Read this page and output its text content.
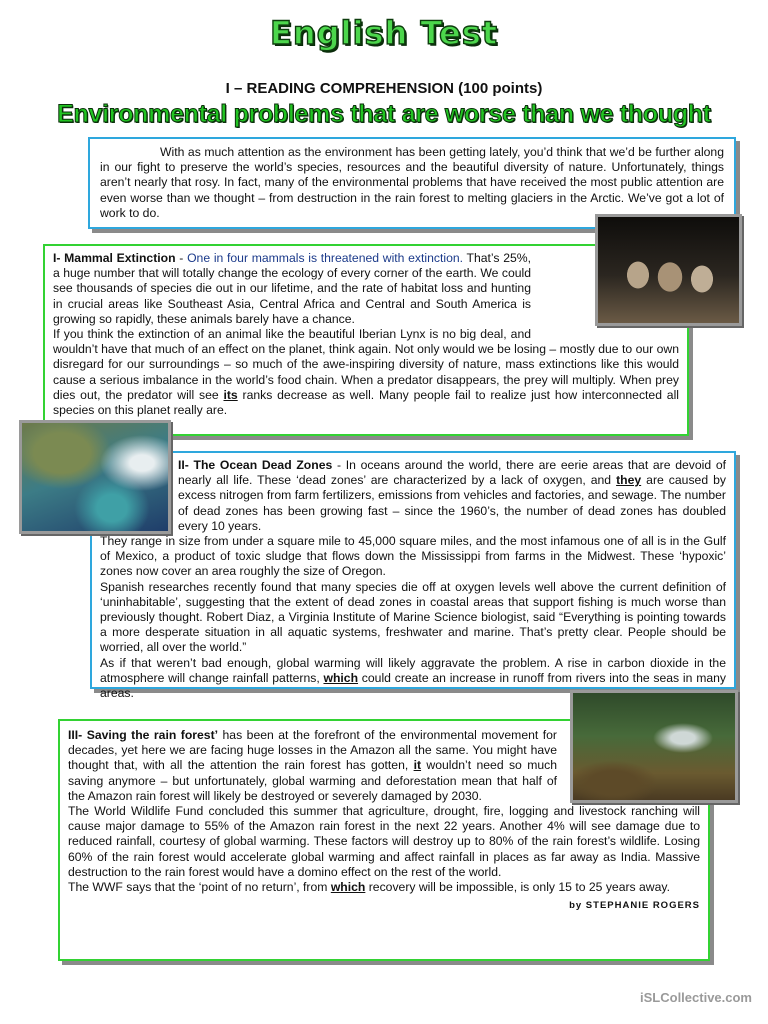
English Test
I – READING COMPREHENSION (100 points)
Environmental problems that are worse than we thought

With as much attention as the environment has been getting lately, you’d think that we’d be further along in our fight to preserve the world’s species, resources and the beautiful diversity of nature. Unfortunately, things aren’t nearly that rosy. In fact, many of the environmental problems that have received the most public attention are even worse than we thought – from destruction in the rain forest to melting glaciers in the Arctic. We’ve got a lot of work to do.

I- Mammal Extinction - One in four mammals is threatened with extinction. That’s 25%, a huge number that will totally change the ecology of every corner of the earth. We could see thousands of species die out in our lifetime, and the rate of habitat loss and hunting in crucial areas like Southeast Asia, Central Africa and Central and South America is growing so rapidly, these animals barely have a chance.

If you think the extinction of an animal like the beautiful Iberian Lynx is no big deal, and wouldn’t have that much of an effect on the planet, think again. Not only would we be losing – mostly due to our own disregard for our surroundings – so much of the awe-inspiring diversity of nature, mass extinctions like this would cause a serious imbalance in the world’s food chain. When a predator disappears, the prey will multiply. When prey dies out, the predator will see its ranks decrease as well. Many people fail to realize just how interconnected all species on this planet really are.

II- The Ocean Dead Zones - In oceans around the world, there are eerie areas that are devoid of nearly all life. These ‘dead zones’ are characterized by a lack of oxygen, and they are caused by excess nitrogen from farm fertilizers, emissions from vehicles and factories, and sewage. The number of dead zones has been growing fast – since the 1960’s, the number of dead zones has doubled every 10 years.

They range in size from under a square mile to 45,000 square miles, and the most infamous one of all is in the Gulf of Mexico, a product of toxic sludge that flows down the Mississippi from farms in the Midwest. These ‘hypoxic’ zones now cover an area roughly the size of Oregon.

Spanish researches recently found that many species die off at oxygen levels well above the current definition of ‘uninhabitable’, suggesting that the extent of dead zones in coastal areas that support fishing is much worse than previously thought. Robert Diaz, a Virginia Institute of Marine Science biologist, said “Everything is pointing towards a more desperate situation in all aquatic systems, freshwater and marine. That’s pretty clear. People should be worried, all over the world.”

As if that weren’t bad enough, global warming will likely aggravate the problem. A rise in carbon dioxide in the atmosphere will change rainfall patterns, which could create an increase in runoff from rivers into the seas in many areas.

III- Saving the rain forest’ has been at the forefront of the environmental movement for decades, yet here we are facing huge losses in the Amazon all the same. You might have thought that, with all the attention the rain forest has gotten, it wouldn’t need so much saving anymore – but unfortunately, global warming and deforestation mean that half of the Amazon rain forest will likely be destroyed or severely damaged by 2030.

The World Wildlife Fund concluded this summer that agriculture, drought, fire, logging and livestock ranching will cause major damage to 55% of the Amazon rain forest in the next 22 years. Another 4% will see damage due to reduced rainfall, courtesy of global warming. These factors will destroy up to 80% of the rain forest’s wildlife. Losing 60% of the rain forest would accelerate global warming and affect rainfall in places as far away as India. Massive destruction to the rain forest would have a domino effect on the rest of the world.

The WWF says that the ‘point of no return’, from which recovery will be impossible, is only 15 to 25 years away.

by STEPHANIE ROGERS
iSLCollective.com
